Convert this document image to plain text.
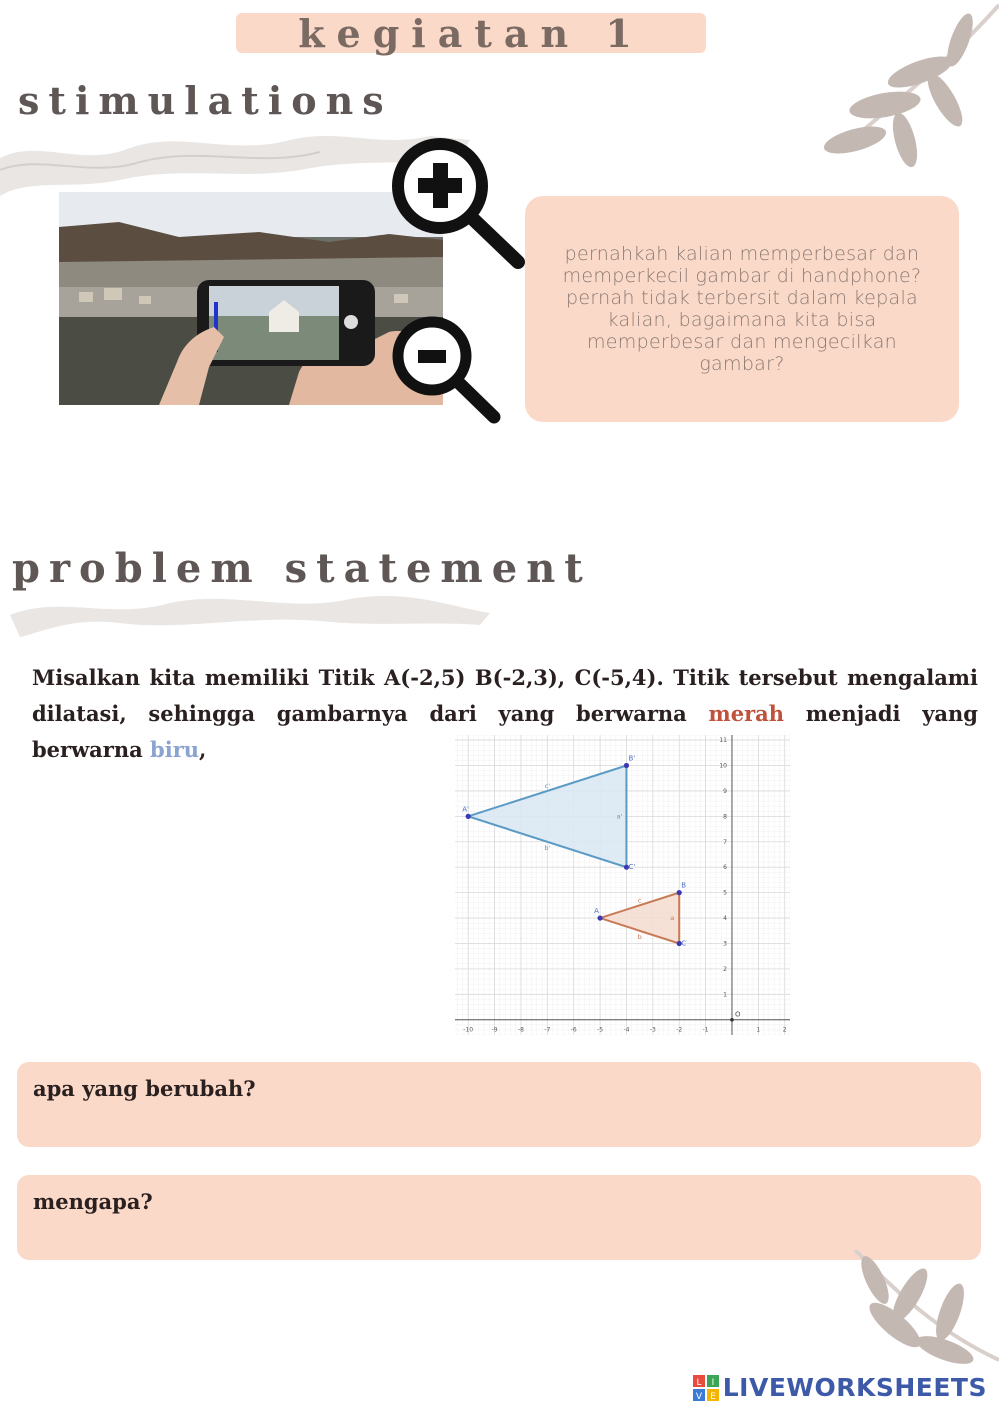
kegiatan 1
stimulations
pernahkah kalian memperbesar dan memperkecil gambar di handphone? pernah tidak terbersit dalam kepala kalian, bagaimana kita bisa memperbesar dan mengecilkan gambar?
problem statement
Misalkan kita memiliki Titik A(-2,5) B(-2,3), C(-5,4). Titik tersebut mengalami dilatasi, sehingga gambarnya dari yang berwarna merah menjadi yang berwarna biru,
-10	-9	-8	-7	-6	-5	-4	-3	-2	-1	1	2
1
2
3
4
5
6
7
8
9
10
11
O
c
b
a
A
B
C
c'
b'
a'
A'
B'
C'
apa yang berubah?
mengapa?
L I
V E LIVEWORKSHEETS
